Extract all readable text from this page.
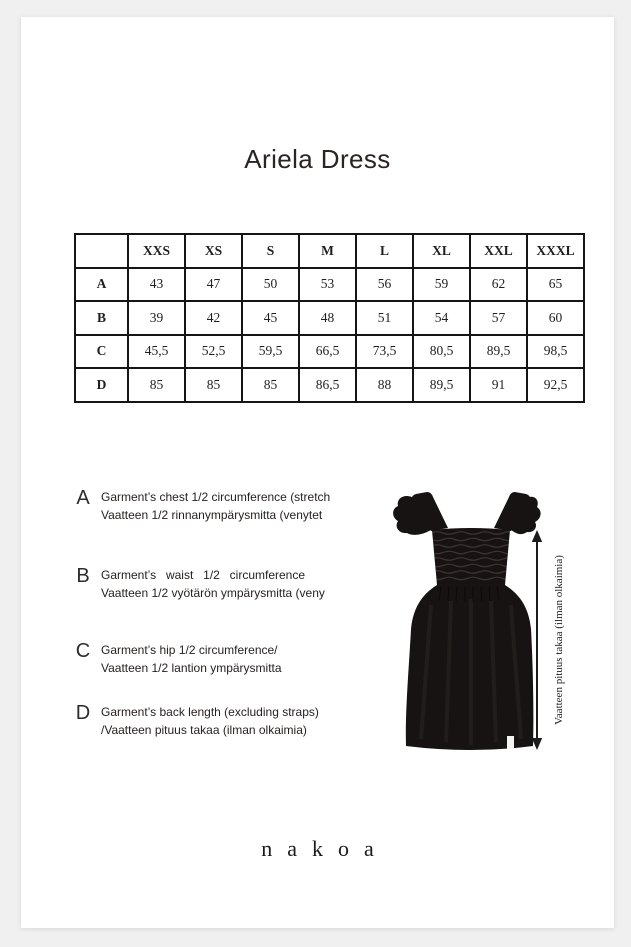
Ariela Dress
	XXS	XS	S	M	L	XL	XXL	XXXL
A	43	47	50	53	56	59	62	65
B	39	42	45	48	51	54	57	60
C	45,5	52,5	59,5	66,5	73,5	80,5	89,5	98,5
D	85	85	85	86,5	88	89,5	91	92,5
A Garment’s chest 1/2 circumference (stretch
Vaatteen 1/2 rinnanympärysmitta (venytet
B Garment’s waist 1/2 circumference
Vaatteen 1/2 vyötärön ympärysmitta (veny
C Garment’s hip 1/2 circumference/
Vaatteen 1/2 lantion ympärysmitta
D Garment’s back length (excluding straps)
/Vaatteen pituus takaa (ilman olkaimia)
Vaatteen pituus takaa (ilman olkaimia)
nakoa
